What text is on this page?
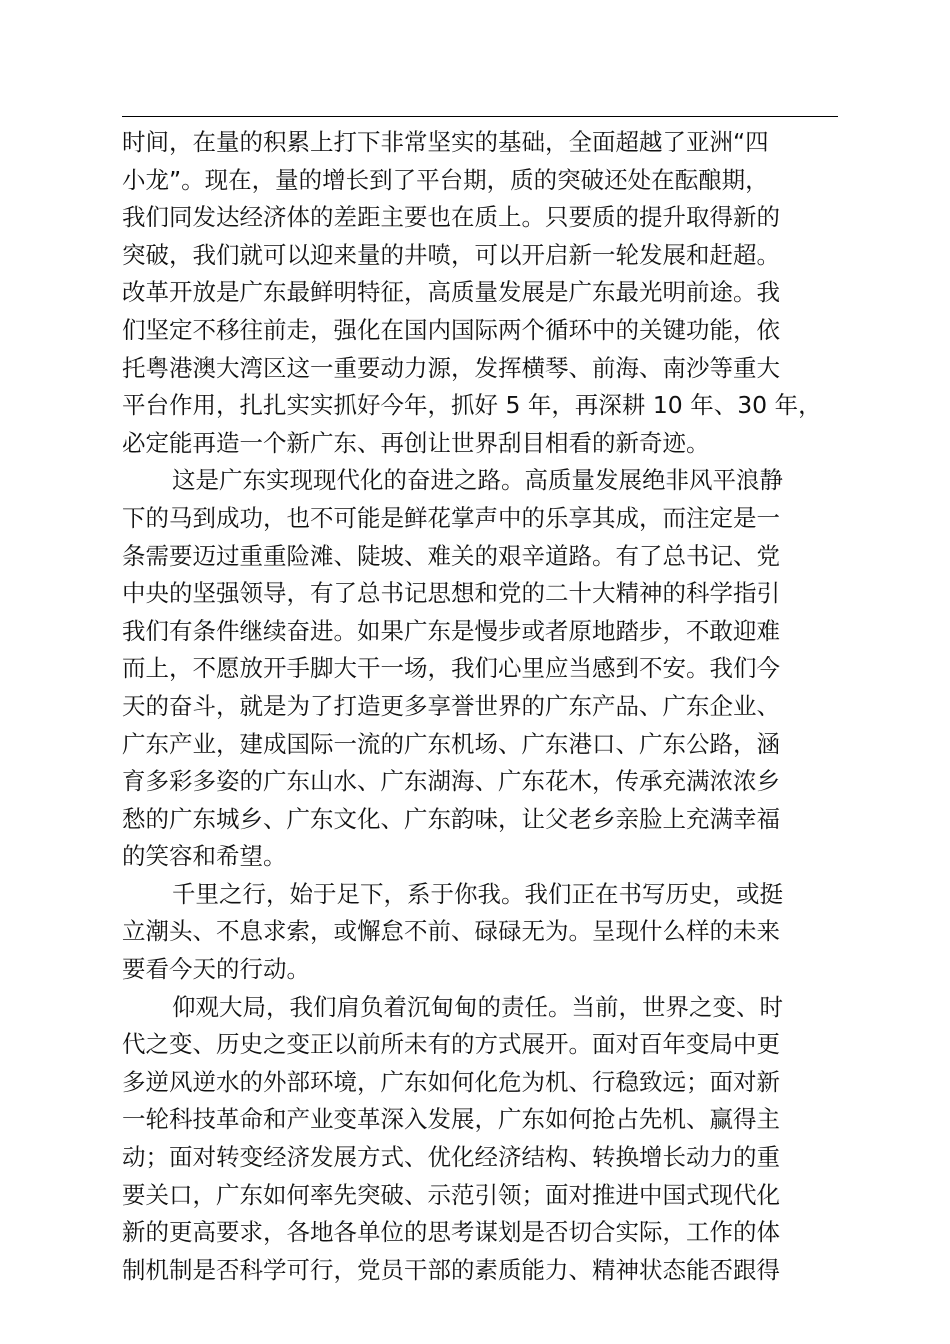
时间，在量的积累上打下非常坚实的基础，全面超越了亚洲“四
小龙”。现在，量的增长到了平台期，质的突破还处在酝酿期，
我们同发达经济体的差距主要也在质上。只要质的提升取得新的
突破，我们就可以迎来量的井喷，可以开启新一轮发展和赶超。
改革开放是广东最鲜明特征，高质量发展是广东最光明前途。我
们坚定不移往前走，强化在国内国际两个循环中的关键功能，依
托粤港澳大湾区这一重要动力源，发挥横琴、前海、南沙等重大
平台作用，扎扎实实抓好今年，抓好 5 年，再深耕 10 年、30 年，
必定能再造一个新广东、再创让世界刮目相看的新奇迹。

这是广东实现现代化的奋进之路。高质量发展绝非风平浪静
下的马到成功，也不可能是鲜花掌声中的乐享其成，而注定是一
条需要迈过重重险滩、陡坡、难关的艰辛道路。有了总书记、党
中央的坚强领导，有了总书记思想和党的二十大精神的科学指引
我们有条件继续奋进。如果广东是慢步或者原地踏步，不敢迎难
而上，不愿放开手脚大干一场，我们心里应当感到不安。我们今
天的奋斗，就是为了打造更多享誉世界的广东产品、广东企业、
广东产业，建成国际一流的广东机场、广东港口、广东公路，涵
育多彩多姿的广东山水、广东湖海、广东花木，传承充满浓浓乡
愁的广东城乡、广东文化、广东韵味，让父老乡亲脸上充满幸福
的笑容和希望。

千里之行，始于足下，系于你我。我们正在书写历史，或挺
立潮头、不息求索，或懈怠不前、碌碌无为。呈现什么样的未来
要看今天的行动。

仰观大局，我们肩负着沉甸甸的责任。当前，世界之变、时
代之变、历史之变正以前所未有的方式展开。面对百年变局中更
多逆风逆水的外部环境，广东如何化危为机、行稳致远；面对新
一轮科技革命和产业变革深入发展，广东如何抢占先机、赢得主
动；面对转变经济发展方式、优化经济结构、转换增长动力的重
要关口，广东如何率先突破、示范引领；面对推进中国式现代化
新的更高要求，各地各单位的思考谋划是否切合实际，工作的体
制机制是否科学可行，党员干部的素质能力、精神状态能否跟得
